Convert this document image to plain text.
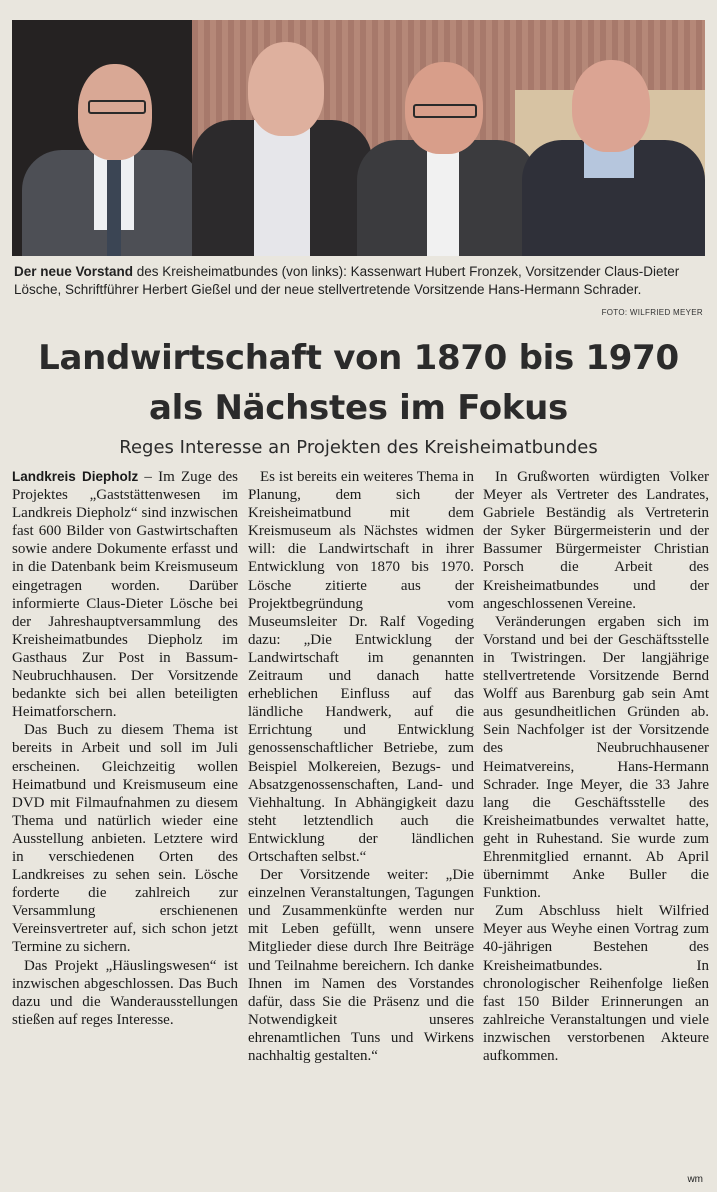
Der neue Vorstand des Kreisheimatbundes (von links): Kassenwart Hubert Fronzek, Vorsitzender Claus-Dieter Lösche, Schriftführer Herbert Gießel und der neue stellvertretende Vorsitzende Hans-Hermann Schrader.
FOTO: WILFRIED MEYER
Landwirtschaft von 1870 bis 1970
als Nächstes im Fokus
Reges Interesse an Projekten des Kreisheimatbundes

Landkreis Diepholz – Im Zuge des Projektes „Gaststättenwesen im Landkreis Diepholz“ sind inzwischen fast 600 Bilder von Gastwirtschaften sowie andere Dokumente erfasst und in die Datenbank beim Kreismuseum eingetragen worden. Darüber informierte Claus-Dieter Lösche bei der Jahreshauptversammlung des Kreisheimatbundes Diepholz im Gasthaus Zur Post in Bassum-Neubruchhausen. Der Vorsitzende bedankte sich bei allen beteiligten Heimatforschern.

Das Buch zu diesem Thema ist bereits in Arbeit und soll im Juli erscheinen. Gleichzeitig wollen Heimatbund und Kreismuseum eine DVD mit Filmaufnahmen zu diesem Thema und natürlich wieder eine Ausstellung anbieten. Letztere wird in verschiedenen Orten des Landkreises zu sehen sein. Lösche forderte die zahlreich zur Versammlung erschienenen Vereinsvertreter auf, sich schon jetzt Termine zu sichern.

Das Projekt „Häuslingswesen“ ist inzwischen abgeschlossen. Das Buch dazu und die Wanderausstellungen stießen auf reges Interesse.

Es ist bereits ein weiteres Thema in Planung, dem sich der Kreisheimatbund mit dem Kreismuseum als Nächstes widmen will: die Landwirtschaft in ihrer Entwicklung von 1870 bis 1970. Lösche zitierte aus der Projektbegründung vom Museumsleiter Dr. Ralf Vogeding dazu: „Die Entwicklung der Landwirtschaft im genannten Zeitraum und danach hatte erheblichen Einfluss auf das ländliche Handwerk, auf die Errichtung und Entwicklung genossenschaftlicher Betriebe, zum Beispiel Molkereien, Bezugs- und Absatzgenossenschaften, Land- und Viehhaltung. In Abhängigkeit dazu steht letztendlich auch die Entwicklung der ländlichen Ortschaften selbst.“

Der Vorsitzende weiter: „Die einzelnen Veranstaltungen, Tagungen und Zusammenkünfte werden nur mit Leben gefüllt, wenn unsere Mitglieder diese durch Ihre Beiträge und Teilnahme bereichern. Ich danke Ihnen im Namen des Vorstandes dafür, dass Sie die Präsenz und die Notwendigkeit unseres ehrenamtlichen Tuns und Wirkens nachhaltig gestalten.“

In Grußworten würdigten Volker Meyer als Vertreter des Landrates, Gabriele Beständig als Vertreterin der Syker Bürgermeisterin und der Bassumer Bürgermeister Christian Porsch die Arbeit des Kreisheimatbundes und der angeschlossenen Vereine.

Veränderungen ergaben sich im Vorstand und bei der Geschäftsstelle in Twistringen. Der langjährige stellvertretende Vorsitzende Bernd Wolff aus Barenburg gab sein Amt aus gesundheitlichen Gründen ab. Sein Nachfolger ist der Vorsitzende des Neubruchhausener Heimatvereins, Hans-Hermann Schrader. Inge Meyer, die 33 Jahre lang die Geschäftsstelle des Kreisheimatbundes verwaltet hatte, geht in Ruhestand. Sie wurde zum Ehrenmitglied ernannt. Ab April übernimmt Anke Buller die Funktion.

Zum Abschluss hielt Wilfried Meyer aus Weyhe einen Vortrag zum 40-jährigen Bestehen des Kreisheimatbundes. In chronologischer Reihenfolge ließen fast 150 Bilder Erinnerungen an zahlreiche Veranstaltungen und viele inzwischen verstorbenen Akteure aufkommen.

wm
